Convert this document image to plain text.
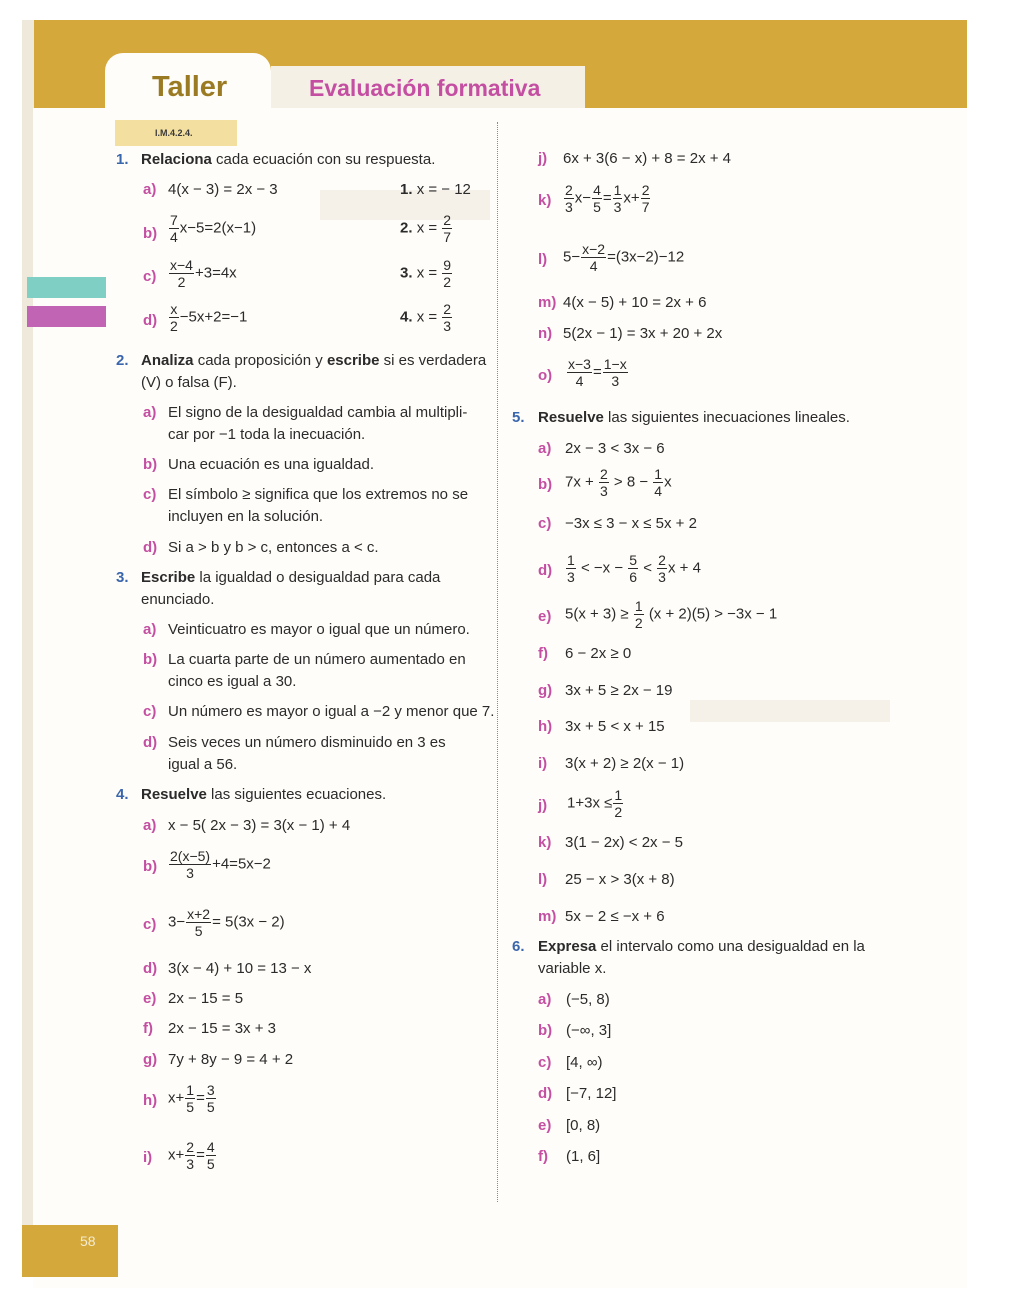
Taller	Evaluación formativa
I.M.4.2.4.
58
1. Relaciona cada ecuación con su respuesta.
a) 4(x − 3) = 2x − 3
$b) \frac{7}{4} x-5=2(x-1)$
$c) \frac{x-4}{2} +3=4x$
$d) \frac{x}{2} -5x+2=-1$
1. x = − 12
2. $x = \frac{2}{7}$
3. $x = \frac{9}{2}$
4. $x = \frac{2}{3}$
2. Analiza cada proposición y escribe si es verdadera
(V) o falsa (F).
a) El signo de la desigualdad cambia al multipli-
car por −1 toda la inecuación.
b) Una ecuación es una igualdad.
c) El símbolo ≥ significa que los extremos no se
incluyen en la solución.
d) Si a > b y b > c, entonces a < c.
3. Escribe la igualdad o desigualdad para cada
enunciado.
a) Veinticuatro es mayor o igual que un número.
b) La cuarta parte de un número aumentado en
cinco es igual a 30.
c) Un número es mayor o igual a −2 y menor que 7.
d) Seis veces un número disminuido en 3 es
igual a 56.
4. Resuelve las siguientes ecuaciones.
a) x − 5( 2x − 3) = 3(x − 1) + 4
$b) \frac{2(x-5)}{3} +4=5x-2$
c) $3- \frac{x+2}{5} = 5(3x - 2)$
d) 3(x − 4) + 10 = 13 − x
e) 2x − 15 = 5
f) 2x − 15 = 3x + 3
g) 7y + 8y − 9 = 4 + 2
h) $x+ \frac{1}{5} = \frac{3}{5}$
i) $x+ \frac{2}{3} = \frac{4}{5}$
j) 6x + 3(6 − x) + 8 = 2x + 4
$k) \frac{2}{3} x- \frac{4}{5} = \frac{1}{3} x+ \frac{2}{7}$
l) $5- \frac{x-2}{4} =(3x-2)-12$
m) 4(x − 5) + 10 = 2x + 6
n) 5(2x − 1) = 3x + 20 + 2x
$o) \frac{x-3}{4} = \frac{1-x}{3}$
5. Resuelve las siguientes inecuaciones lineales.
a) 2x − 3 < 3x − 6
b) $7x + \frac{2}{3} > 8 - \frac{1}{4}$ x
c) −3x ≤ 3 − x ≤ 5x + 2
$d) \frac{1}{3} < -x - \frac{5}{6} < \frac{2}{3}$ x + 4
e) $5(x + 3) \ge \frac{1}{2} (x + 2)(5) > -3x - 1$
f) 6 − 2x ≥ 0
g) 3x + 5 ≥ 2x − 19
h) 3x + 5 < x + 15
i) 3(x + 2) ≥ 2(x − 1)
j) $1+3x \le \frac{1}{2}$
k) 3(1 − 2x) < 2x − 5
l) 25 − x > 3(x + 8)
m) 5x − 2 ≤ −x + 6
6. Expresa el intervalo como una desigualdad en la
variable x.
a) (−5, 8)
b) (−∞, 3]
c) [4, ∞)
d) [−7, 12]
e) [0, 8)
f) (1, 6]
